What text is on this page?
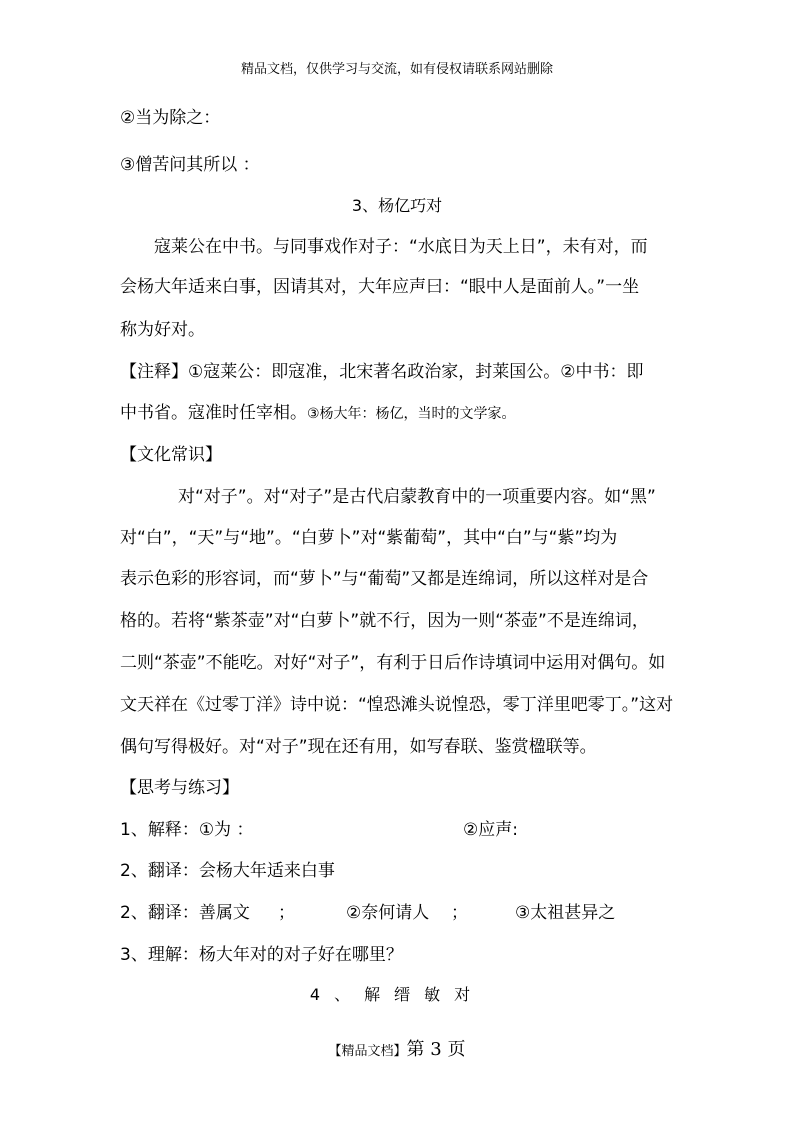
精品文档，仅供学习与交流，如有侵权请联系网站删除
②当为除之：
③僧苦问其所以 ：
3、杨亿巧对
寇莱公在中书。与同事戏作对子：“水底日为天上日”，未有对，而
会杨大年适来白事，因请其对，大年应声曰：“眼中人是面前人。”一坐
称为好对。
【注释】①寇莱公：即寇准，北宋著名政治家，封莱国公。②中书：即
中书省。寇准时任宰相。③杨大年：杨亿，当时的文学家。
【文化常识】
对“对子”。对“对子”是古代启蒙教育中的一项重要内容。如“黑”
对“白”，“天”与“地”。“白萝卜”对“紫葡萄”，其中“白”与“紫”均为
表示色彩的形容词，而“萝卜”与“葡萄”又都是连绵词，所以这样对是合
格的。若将“紫茶壶”对“白萝卜”就不行，因为一则“茶壶”不是连绵词，
二则“茶壶”不能吃。对好“对子”，有利于日后作诗填词中运用对偶句。如
文天祥在《过零丁洋》诗中说：“惶恐滩头说惶恐，零丁洋里吧零丁。”这对
偶句写得极好。对“对子”现在还有用，如写春联、鉴赏楹联等。
【思考与练习】
1、解释：①为 ：	②应声:
2、翻译：会杨大年适来白事
2、翻译：善属文 ；	②奈何请人 ；	③太祖甚异之
3、理解：杨大年对的对子好在哪里？
4、解缙敏对
【精品文档】第 3 页
